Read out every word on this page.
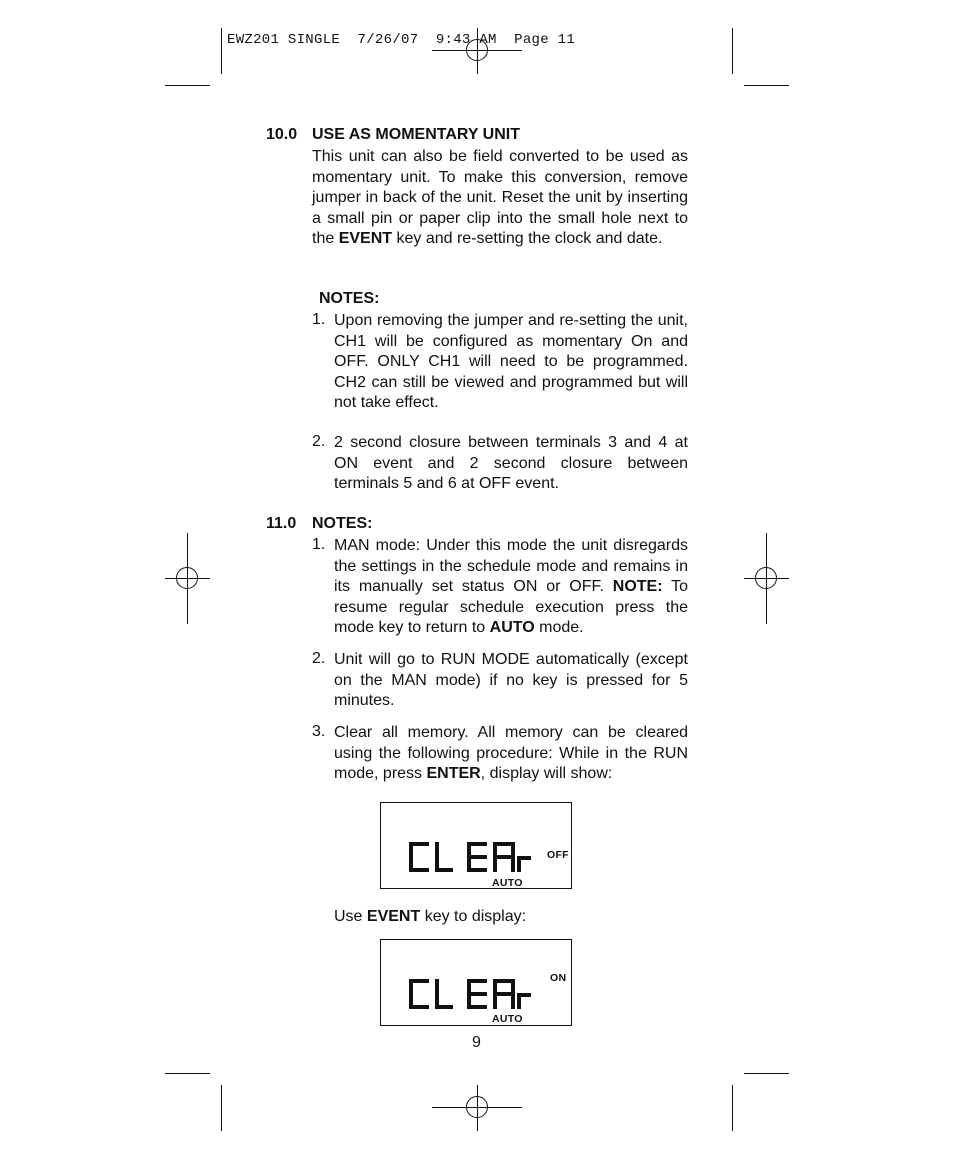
EWZ201 SINGLE  7/26/07  9:43 AM  Page 11
10.0 USE AS MOMENTARY UNIT
This unit can also be field converted to be used as momentary unit. To make this conversion, remove jumper in back of the unit. Reset the unit by inserting a small pin or paper clip into the small hole next to the EVENT key and re-setting the clock and date.
NOTES:
1. Upon removing the jumper and re-setting the unit, CH1 will be configured as momentary On and OFF. ONLY CH1 will need to be programmed. CH2 can still be viewed and programmed but will not take effect.
2. 2 second closure between terminals 3 and 4 at ON event and 2 second closure between terminals 5 and 6 at OFF event.
11.0 NOTES:
1. MAN mode: Under this mode the unit disregards the settings in the schedule mode and remains in its manually set status ON or OFF. NOTE: To resume regular schedule execution press the mode key to return to AUTO mode.
2. Unit will go to RUN MODE automatically (except on the MAN mode) if no key is pressed for 5 minutes.
3. Clear all memory. All memory can be cleared using the following procedure: While in the RUN mode, press ENTER, display will show:
OFF
AUTO
Use EVENT key to display:
ON
AUTO
9
